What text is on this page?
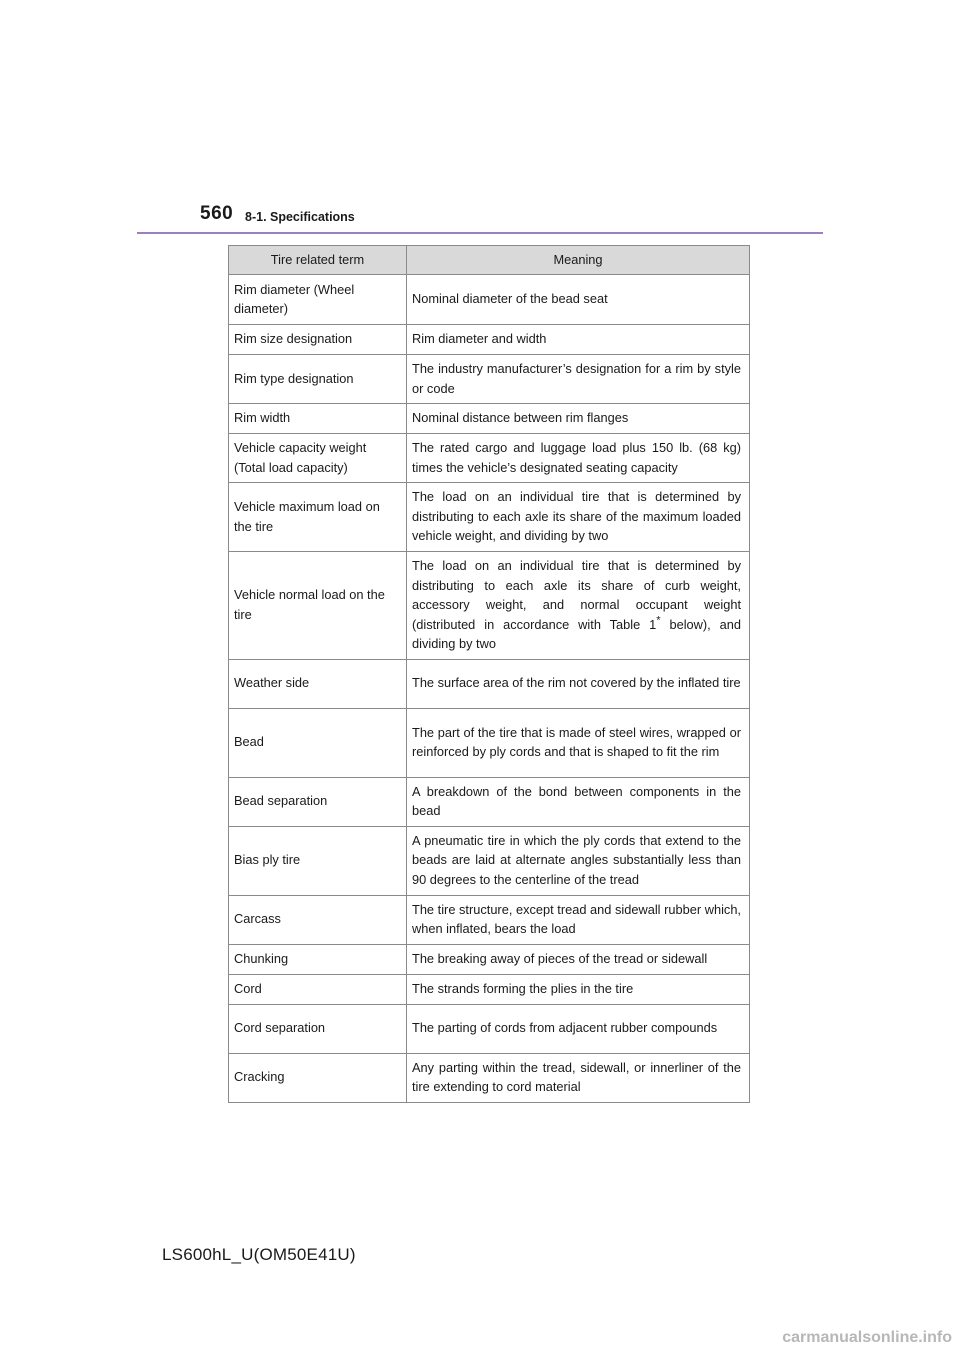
560 8-1. Specifications
Tire related term	Meaning
Rim diameter (Wheel diameter)	Nominal diameter of the bead seat
Rim size designation	Rim diameter and width
Rim type designation	The industry manufacturer’s designation for a rim by style or code
Rim width	Nominal distance between rim flanges
Vehicle capacity weight (Total load capacity)	The rated cargo and luggage load plus 150 lb. (68 kg) times the vehicle’s designated seating capacity
Vehicle maximum load on the tire	The load on an individual tire that is determined by distributing to each axle its share of the maximum loaded vehicle weight, and dividing by two
Vehicle normal load on the tire	The load on an individual tire that is determined by distributing to each axle its share of curb weight, accessory weight, and normal occupant weight (distributed in accordance with Table 1* below), and dividing by two
Weather side	The surface area of the rim not covered by the inflated tire
Bead	The part of the tire that is made of steel wires, wrapped or reinforced by ply cords and that is shaped to fit the rim
Bead separation	A breakdown of the bond between components in the bead
Bias ply tire	A pneumatic tire in which the ply cords that extend to the beads are laid at alternate angles substantially less than 90 degrees to the centerline of the tread
Carcass	The tire structure, except tread and sidewall rubber which, when inflated, bears the load
Chunking	The breaking away of pieces of the tread or sidewall
Cord	The strands forming the plies in the tire
Cord separation	The parting of cords from adjacent rubber compounds
Cracking	Any parting within the tread, sidewall, or innerliner of the tire extending to cord material
LS600hL_U(OM50E41U)
carmanualsonline.info
